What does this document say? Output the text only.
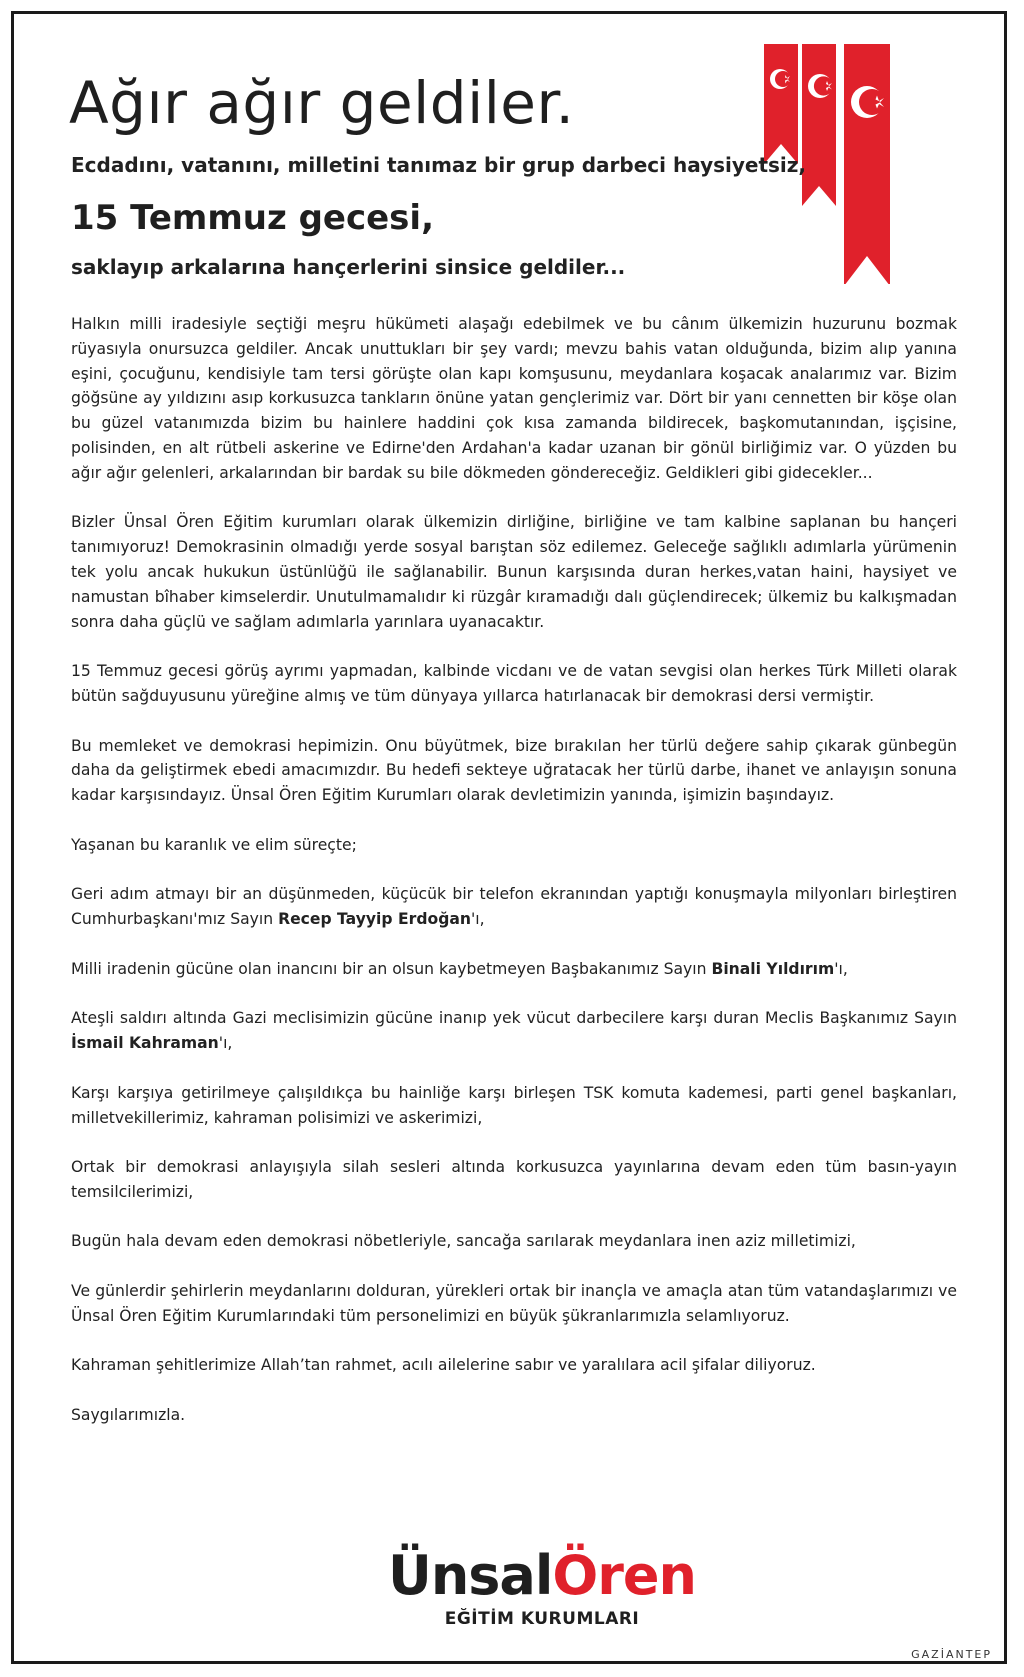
Ağır ağır geldiler.

Ecdadını, vatanını, milletini tanımaz bir grup darbeci haysiyetsiz,

15 Temmuz gecesi,

saklayıp arkalarına hançerlerini sinsice geldiler...

Halkın milli iradesiyle seçtiği meşru hükümeti alaşağı edebilmek ve bu cânım ülkemizin huzurunu bozmak rüyasıyla onursuzca geldiler. Ancak unuttukları bir şey vardı; mevzu bahis vatan olduğunda, bizim alıp yanına eşini, çocuğunu, kendisiyle tam tersi görüşte olan kapı komşusunu, meydanlara koşacak analarımız var. Bizim göğsüne ay yıldızını asıp korkusuzca tankların önüne yatan gençlerimiz var. Dört bir yanı cennetten bir köşe olan bu güzel vatanımızda bizim bu hainlere haddini çok kısa zamanda bildirecek, başkomutanından, işçisine, polisinden, en alt rütbeli askerine ve Edirne'den Ardahan'a kadar uzanan bir gönül birliğimiz var. O yüzden bu ağır ağır gelenleri, arkalarından bir bardak su bile dökmeden göndereceğiz. Geldikleri gibi gidecekler...

Bizler Ünsal Ören Eğitim kurumları olarak ülkemizin dirliğine, birliğine ve tam kalbine saplanan bu hançeri tanımıyoruz! Demokrasinin olmadığı yerde sosyal barıştan söz edilemez. Geleceğe sağlıklı adımlarla yürümenin tek yolu ancak hukukun üstünlüğü ile sağlanabilir. Bunun karşısında duran herkes,vatan haini, haysiyet ve namustan bîhaber kimselerdir. Unutulmamalıdır ki rüzgâr kıramadığı dalı güçlendirecek; ülkemiz bu kalkışmadan sonra daha güçlü ve sağlam adımlarla yarınlara uyanacaktır.

15 Temmuz gecesi görüş ayrımı yapmadan, kalbinde vicdanı ve de vatan sevgisi olan herkes Türk Milleti olarak bütün sağduyusunu yüreğine almış ve tüm dünyaya yıllarca hatırlanacak bir demokrasi dersi vermiştir.

Bu memleket ve demokrasi hepimizin. Onu büyütmek, bize bırakılan her türlü değere sahip çıkarak günbegün daha da geliştirmek ebedi amacımızdır. Bu hedefi sekteye uğratacak her türlü darbe, ihanet ve anlayışın sonuna kadar karşısındayız. Ünsal Ören Eğitim Kurumları olarak devletimizin yanında, işimizin başındayız.

Yaşanan bu karanlık ve elim süreçte;

Geri adım atmayı bir an düşünmeden, küçücük bir telefon ekranından yaptığı konuşmayla milyonları birleştiren Cumhurbaşkanı'mız Sayın Recep Tayyip Erdoğan'ı,

Milli iradenin gücüne olan inancını bir an olsun kaybetmeyen Başbakanımız Sayın Binali Yıldırım'ı,

Ateşli saldırı altında Gazi meclisimizin gücüne inanıp yek vücut darbecilere karşı duran Meclis Başkanımız Sayın İsmail Kahraman'ı,

Karşı karşıya getirilmeye çalışıldıkça bu hainliğe karşı birleşen TSK komuta kademesi, parti genel başkanları, milletvekillerimiz, kahraman polisimizi ve askerimizi,

Ortak bir demokrasi anlayışıyla silah sesleri altında korkusuzca yayınlarına devam eden tüm basın-yayın temsilcilerimizi,

Bugün hala devam eden demokrasi nöbetleriyle, sancağa sarılarak meydanlara inen aziz milletimizi,

Ve günlerdir şehirlerin meydanlarını dolduran, yürekleri ortak bir inançla ve amaçla atan tüm vatandaşlarımızı ve Ünsal Ören Eğitim Kurumlarındaki tüm personelimizi en büyük şükranlarımızla selamlıyoruz.

Kahraman şehitlerimize Allah’tan rahmet, acılı ailelerine sabır ve yaralılara acil şifalar diliyoruz.

Saygılarımızla.

ÜnsalÖren
EĞİTİM KURUMLARI
GAZİANTEP
